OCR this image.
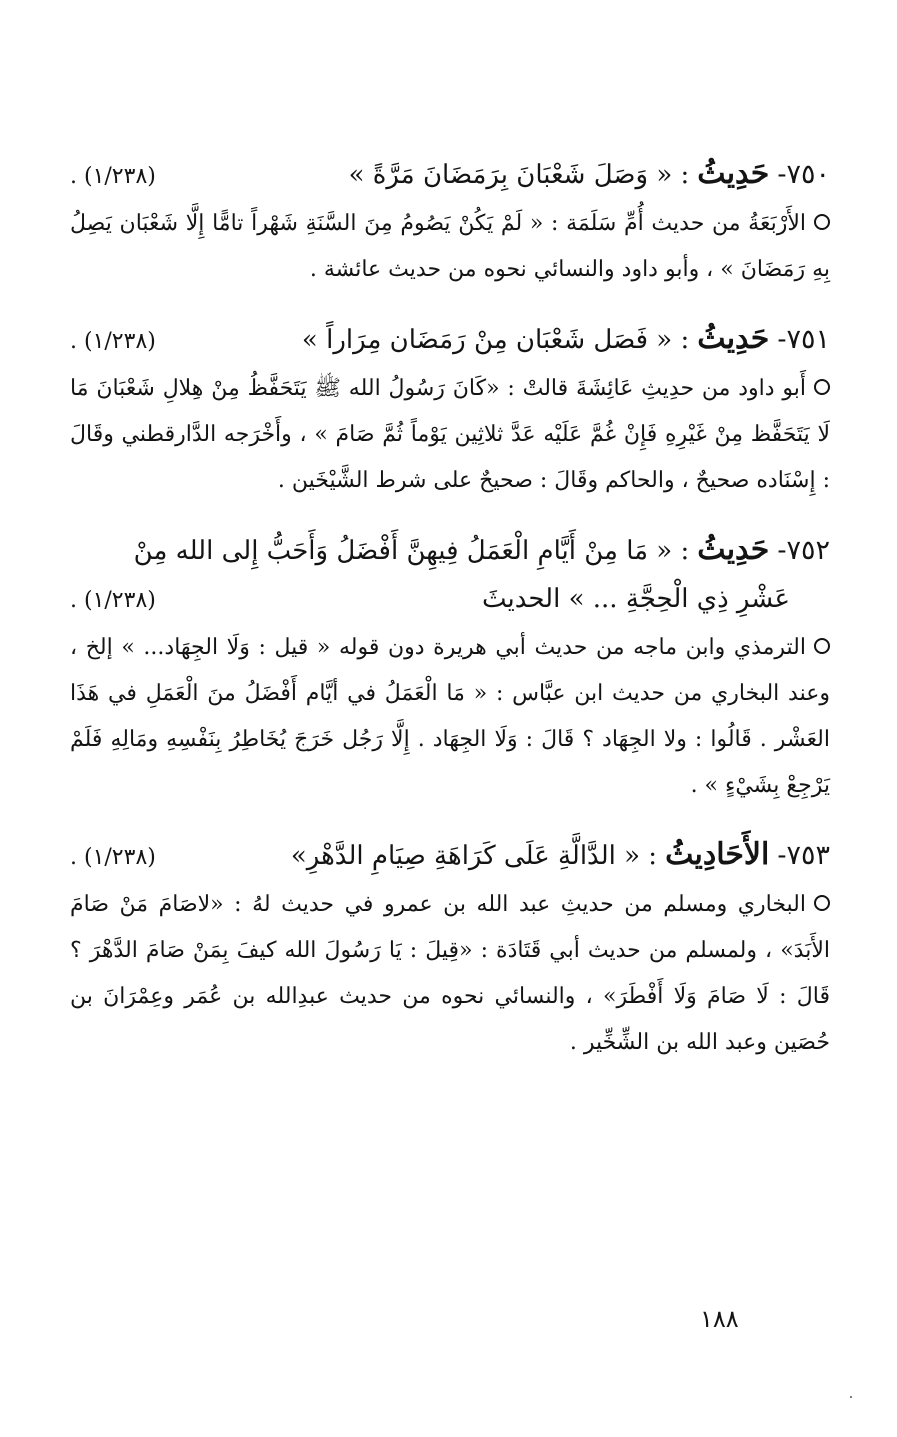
٧٥٠-
حَدِيثُ
: « وَصَلَ شَعْبَانَ بِرَمَضَانَ مَرَّةً »
(١/٢٣٨) .
الأَرْبَعَةُ من حديث أُمِّ سَلَمَة : « لَمْ يَكُنْ يَصُومُ مِنَ السَّنَةِ شَهْراً تامًّا إِلَّا شَعْبَان يَصِلُ بِهِ رَمَضَانَ » ، وأبو داود والنسائي نحوه من حديث عائشة .
٧٥١-
حَدِيثُ
: « فَصَل شَعْبَان مِنْ رَمَضَان مِرَاراً »
(١/٢٣٨) .
أَبو داود من حدِيثِ عَائِشَةَ قالتْ : «كَانَ رَسُولُ الله ﷺ يَتَحَفَّظُ مِنْ هِلالِ شَعْبَانَ مَا لَا يَتَحَفَّظ مِنْ غَيْرِهِ فَإِنْ غُمَّ عَلَيْه عَدَّ ثلاثِين يَوْماً ثُمَّ صَامَ » ، وأَخْرَجه الدَّارقطني وقَالَ : إِسْنَاده صحيحٌ ، والحاكم وقَالَ : صحيحٌ على شرط الشَّيْخَين .
٧٥٢-
حَدِيثُ
: « مَا مِنْ أَيَّامِ الْعَمَلُ فِيهِنَّ أَفْضَلُ وَأَحَبُّ إِلى الله مِنْ
عَشْرِ ذِي الْحِجَّةِ ... » الحديثَ
(١/٢٣٨) .
الترمذي وابن ماجه من حديث أبي هريرة دون قوله « قيل : وَلَا الجِهَاد... » إلخ ، وعند البخاري من حديث ابن عبَّاس : « مَا الْعَمَلُ في أيَّام أَفْضَلُ منَ الْعَمَلِ في هَذَا العَشْر . قَالُوا : ولا الجِهَاد ؟ قَالَ : وَلَا الجِهَاد . إِلَّا رَجُل خَرَجَ يُخَاطِرُ بِنَفْسِهِ ومَالِهِ فَلَمْ يَرْجِعْ بِشَيْءٍ » .
٧٥٣-
الأَحَادِيثُ
: « الدَّالَّةِ عَلَى كَرَاهَةِ صِيَامِ الدَّهْرِ»
(١/٢٣٨) .
البخاري ومسلم من حديثِ عبد الله بن عمرو في حديث لهُ : «لاصَامَ مَنْ صَامَ الأَبَدَ» ، ولمسلم من حديث أبي قَتَادَة : «قِيلَ : يَا رَسُولَ الله كيفَ بِمَنْ صَامَ الدَّهْرَ ؟ قَالَ : لَا صَامَ وَلَا أَفْطَرَ» ، والنسائي نحوه من حديث عبدِالله بن عُمَر وعِمْرَانَ بن حُصَين وعبد الله بن الشِّخِّير .
١٨٨
